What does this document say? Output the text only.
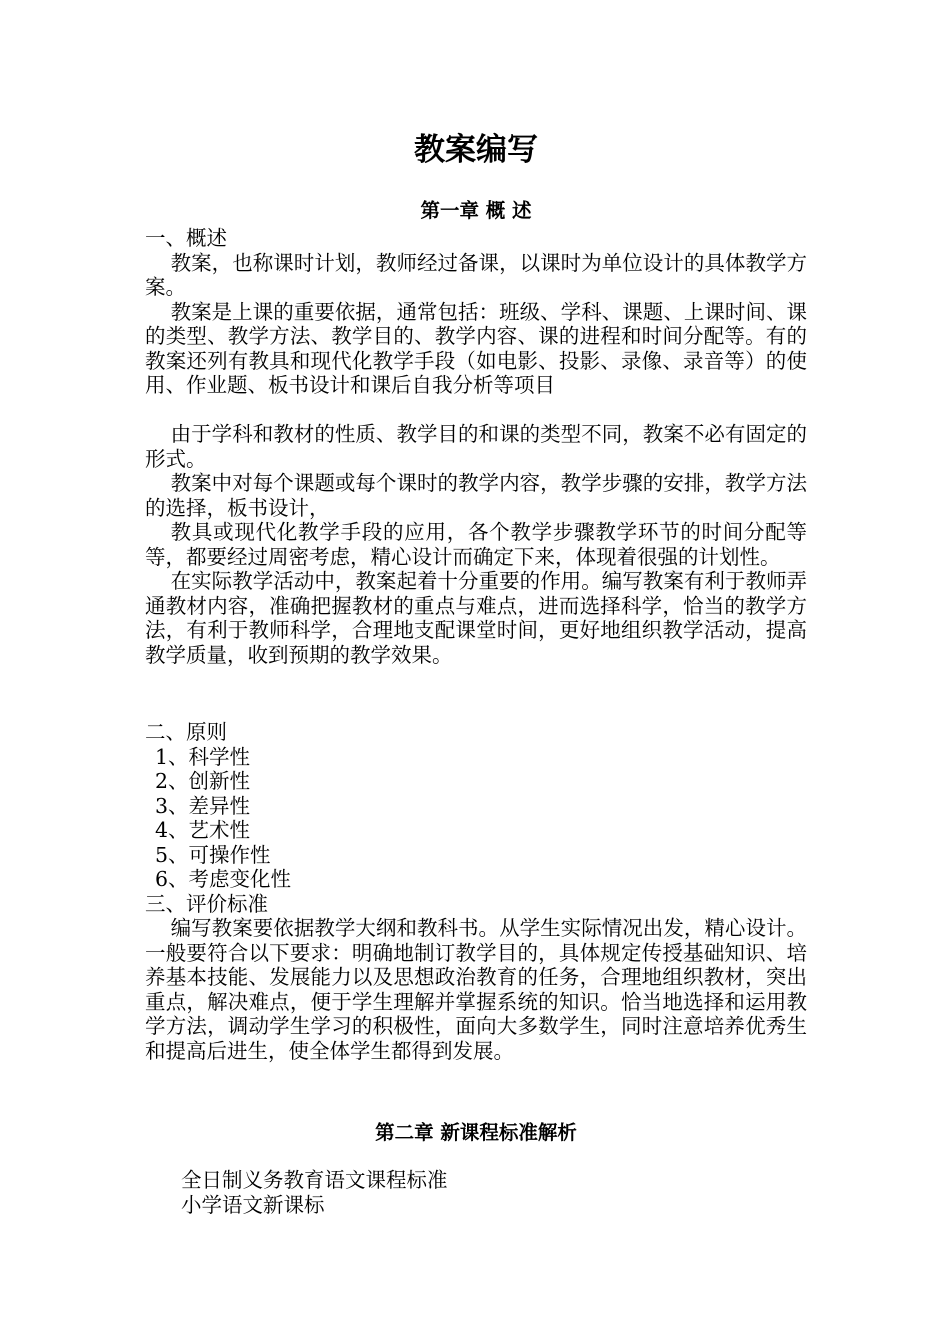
教案编写
第一章 概 述

一、概述

教案，也称课时计划，教师经过备课，以课时为单位设计的具体教学方案。

教案是上课的重要依据，通常包括：班级、学科、课题、上课时间、课的类型、教学方法、教学目的、教学内容、课的进程和时间分配等。有的教案还列有教具和现代化教学手段（如电影、投影、录像、录音等）的使用、作业题、板书设计和课后自我分析等项目

由于学科和教材的性质、教学目的和课的类型不同，教案不必有固定的形式。

教案中对每个课题或每个课时的教学内容，教学步骤的安排，教学方法的选择，板书设计，

教具或现代化教学手段的应用，各个教学步骤教学环节的时间分配等等，都要经过周密考虑，精心设计而确定下来，体现着很强的计划性。

在实际教学活动中，教案起着十分重要的作用。编写教案有利于教师弄通教材内容，准确把握教材的重点与难点，进而选择科学，恰当的教学方法，有利于教师科学，合理地支配课堂时间，更好地组织教学活动，提高教学质量，收到预期的教学效果。

二、原则

1、科学性

2、创新性

3、差异性

4、艺术性

5、可操作性

6、考虑变化性

三、评价标准

编写教案要依据教学大纲和教科书。从学生实际情况出发，精心设计。一般要符合以下要求：明确地制订教学目的，具体规定传授基础知识、培养基本技能、发展能力以及思想政治教育的任务，合理地组织教材，突出重点，解决难点，便于学生理解并掌握系统的知识。恰当地选择和运用教学方法，调动学生学习的积极性，面向大多数学生，同时注意培养优秀生和提高后进生，使全体学生都得到发展。

第二章 新课程标准解析

全日制义务教育语文课程标准

小学语文新课标
